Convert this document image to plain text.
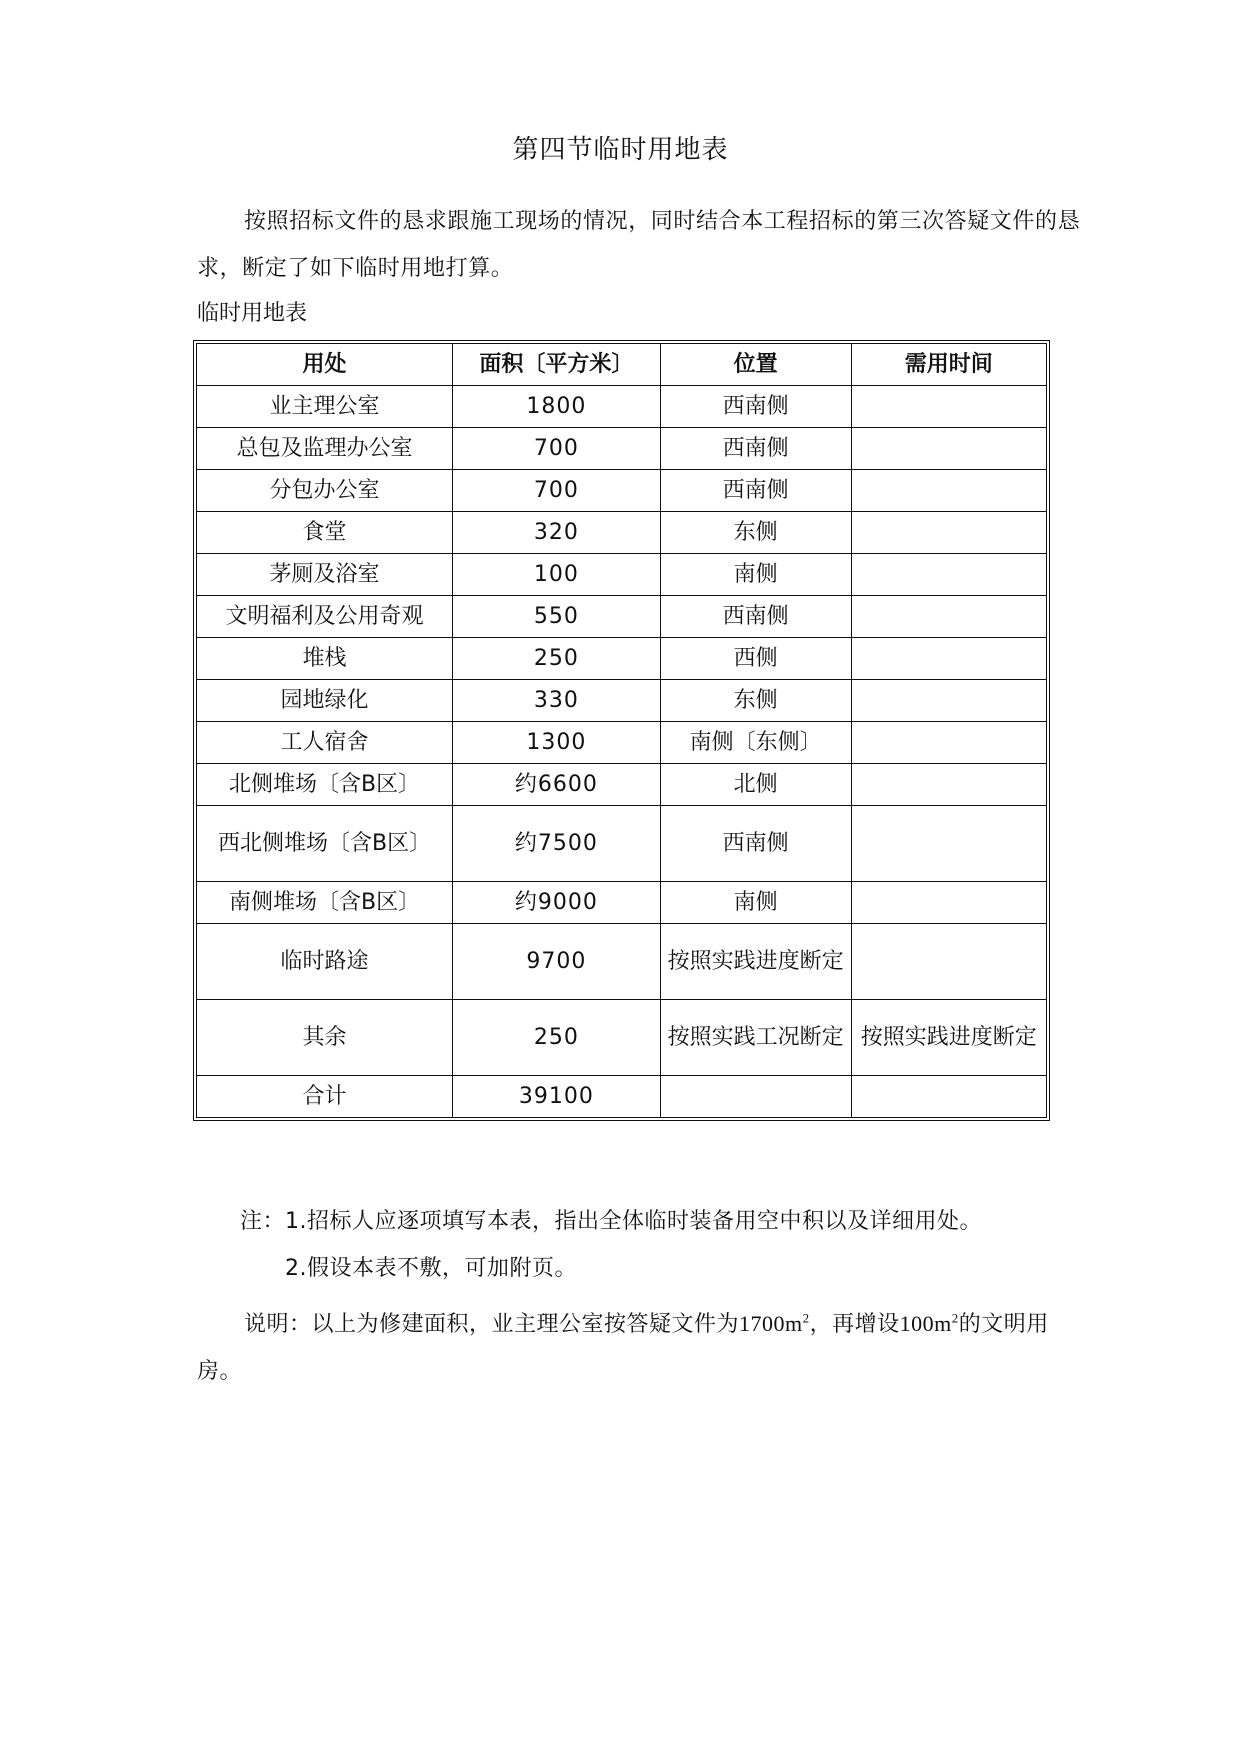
第四节临时用地表

按照招标文件的恳求跟施工现场的情况，同时结合本工程招标的第三次答疑文件的恳求，断定了如下临时用地打算。

临时用地表

用处	面积〔平方米〕	位置	需用时间
业主理公室	1800	西南侧	
总包及监理办公室	700	西南侧	
分包办公室	700	西南侧	
食堂	320	东侧	
茅厕及浴室	100	南侧	
文明福利及公用奇观	550	西南侧	
堆栈	250	西侧	
园地绿化	330	东侧	
工人宿舍	1300	南侧〔东侧〕	
北侧堆场〔含B区〕	约6600	北侧	
西北侧堆场〔含B区〕	约7500	西南侧	
南侧堆场〔含B区〕	约9000	南侧	
临时路途	9700	按照实践进度断定	
其余	250	按照实践工况断定	按照实践进度断定
合计	39100		

注：1.招标人应逐项填写本表，指出全体临时装备用空中积以及详细用处。

2.假设本表不敷，可加附页。

说明：以上为修建面积，业主理公室按答疑文件为$1700m^2$，再增设$100m^2$的文明用房。
